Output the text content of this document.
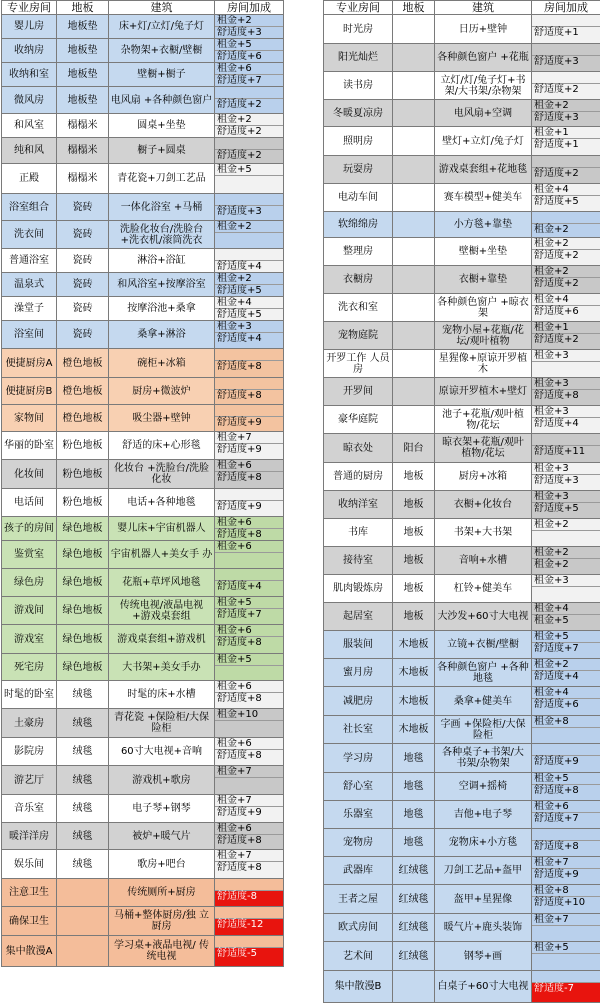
专业房间	地板	建筑	房间加成
婴儿房	地板垫	床+灯/立灯/兔子灯	租金+2
舒适度+3

收纳房	地板垫	杂物架+衣橱/壁橱	租金+5
舒适度+6

收纳和室	地板垫	壁橱+橱子	租金+6
舒适度+7

微风房	地板垫	电风扇 +各种颜色窗户	舒适度+2

和风室	榻榻米	圆桌+坐垫	租金+2
舒适度+2

纯和风	榻榻米	橱子+圆桌	舒适度+2

正殿	榻榻米	青花瓷+刀剑工艺品	租金+5

浴室组合	瓷砖	一体化浴室 +马桶	舒适度+3

洗衣间	瓷砖	洗脸化妆台/洗脸台 +洗衣机/滚筒洗衣	租金+2

普通浴室	瓷砖	淋浴+浴缸	舒适度+4

温泉式	瓷砖	和风浴室+按摩浴室	租金+2
舒适度+5

澡堂子	瓷砖	按摩浴池+桑拿	租金+4
舒适度+5

浴室间	瓷砖	桑拿+淋浴	租金+3
舒适度+4

便捷厨房A	橙色地板	碗柜+冰箱	舒适度+8

便捷厨房B	橙色地板	厨房+微波炉	舒适度+8

家物间	橙色地板	吸尘器+壁钟	舒适度+9

华丽的卧室	粉色地板	舒适的床+心形毯	租金+7
舒适度+9

化妆间	粉色地板	化妆台 +洗脸台/洗脸化妆	租金+6
舒适度+8

电话间	粉色地板	电话+各种地毯	舒适度+9

孩子的房间	绿色地板	婴儿床+宇宙机器人	租金+6
舒适度+8

鉴赏室	绿色地板	宇宙机器人+美女手 办	租金+6

绿色房	绿色地板	花瓶+草坪风地毯	舒适度+4

游戏间	绿色地板	传统电视/液晶电视 +游戏桌套组	租金+5
舒适度+7

游戏室	绿色地板	游戏桌套组+游戏机	租金+6
舒适度+8

死宅房	绿色地板	大书架+美女手办	租金+5

时髦的卧室	绒毯	时髦的床+水槽	租金+6
舒适度+8

土豪房	绒毯	青花瓷 +保险柜/大保险柜	租金+10

影院房	绒毯	60寸大电视+音响	租金+6
舒适度+8

游艺厅	绒毯	游戏机+歌房	租金+7

音乐室	绒毯	电子琴+钢琴	租金+7
舒适度+9

暖洋洋房	绒毯	被炉+暖气片	租金+6
舒适度+8

娱乐间	绒毯	歌房+吧台	租金+7
舒适度+8

注意卫生		传统厕所+厨房	舒适度-8

确保卫生		马桶+整体厨房/独 立厨房	舒适度-12

集中散漫A		学习桌+液晶电视/ 传统电视	舒适度-5
专业房间	地板	建筑	房间加成
时光房		日历+壁钟	舒适度+1

阳光灿烂		各种颜色窗户 +花瓶	舒适度+3

读书房		立灯/灯/兔子灯+书 架/大书架/杂物架	舒适度+2

冬暖夏凉房		电风扇+空调	租金+2
舒适度+3

照明房		壁灯+立灯/兔子灯	租金+1
舒适度+1

玩耍房		游戏桌套组+花地毯	舒适度+2

电动车间		赛车模型+健美车	租金+4
舒适度+5

软绵绵房		小方毯+靠垫	租金+2

整理房		壁橱+坐垫	租金+2
舒适度+2

衣橱房		衣橱+靠垫	租金+2
舒适度+2

洗衣和室		各种颜色窗户 +晾衣架	租金+4
舒适度+6

宠物庭院		宠物小屋+花瓶/花 坛/观叶植物	租金+1
舒适度+2

开罗工作 人员房		星猩像+原谅开罗植 木	租金+3

开罗间		原谅开罗植木+壁灯	租金+3
舒适度+8

豪华庭院		池子+花瓶/观叶植 物/花坛	租金+3
舒适度+4

晾衣处	阳台	晾衣架+花瓶/观叶 植物/花坛	舒适度+11

普通的厨房	地板	厨房+冰箱	租金+3
舒适度+3

收纳洋室	地板	衣橱+化妆台	租金+3
舒适度+5

书库	地板	书架+大书架	租金+2

接待室	地板	音响+水槽	租金+2
租金+2

肌肉锻炼房	地板	杠铃+健美车	租金+3

起居室	地板	大沙发+60寸大电视	租金+4
租金+5

服装间	木地板	立镜+衣橱/壁橱	租金+5
舒适度+7

蜜月房	木地板	各种颜色窗户 +各种地毯	租金+2
舒适度+4

减肥房	木地板	桑拿+健美车	租金+4
舒适度+6

社长室	木地板	字画 +保险柜/大保险柜	租金+8

学习房	地毯	各种桌子+书架/大 书架/杂物架	舒适度+9

舒心室	地毯	空调+摇椅	租金+5
舒适度+8

乐器室	地毯	吉他+电子琴	租金+6
舒适度+7

宠物房	地毯	宠物床+小方毯	舒适度+8

武器库	红绒毯	刀剑工艺品+盔甲	租金+7
舒适度+9

王者之屋	红绒毯	盔甲+星猩像	租金+8
舒适度+10

欧式房间	红绒毯	暖气片+鹿头装饰	租金+7

艺术间	红绒毯	钢琴+画	租金+5

集中散漫B		白桌子+60寸大电视	舒适度-7
